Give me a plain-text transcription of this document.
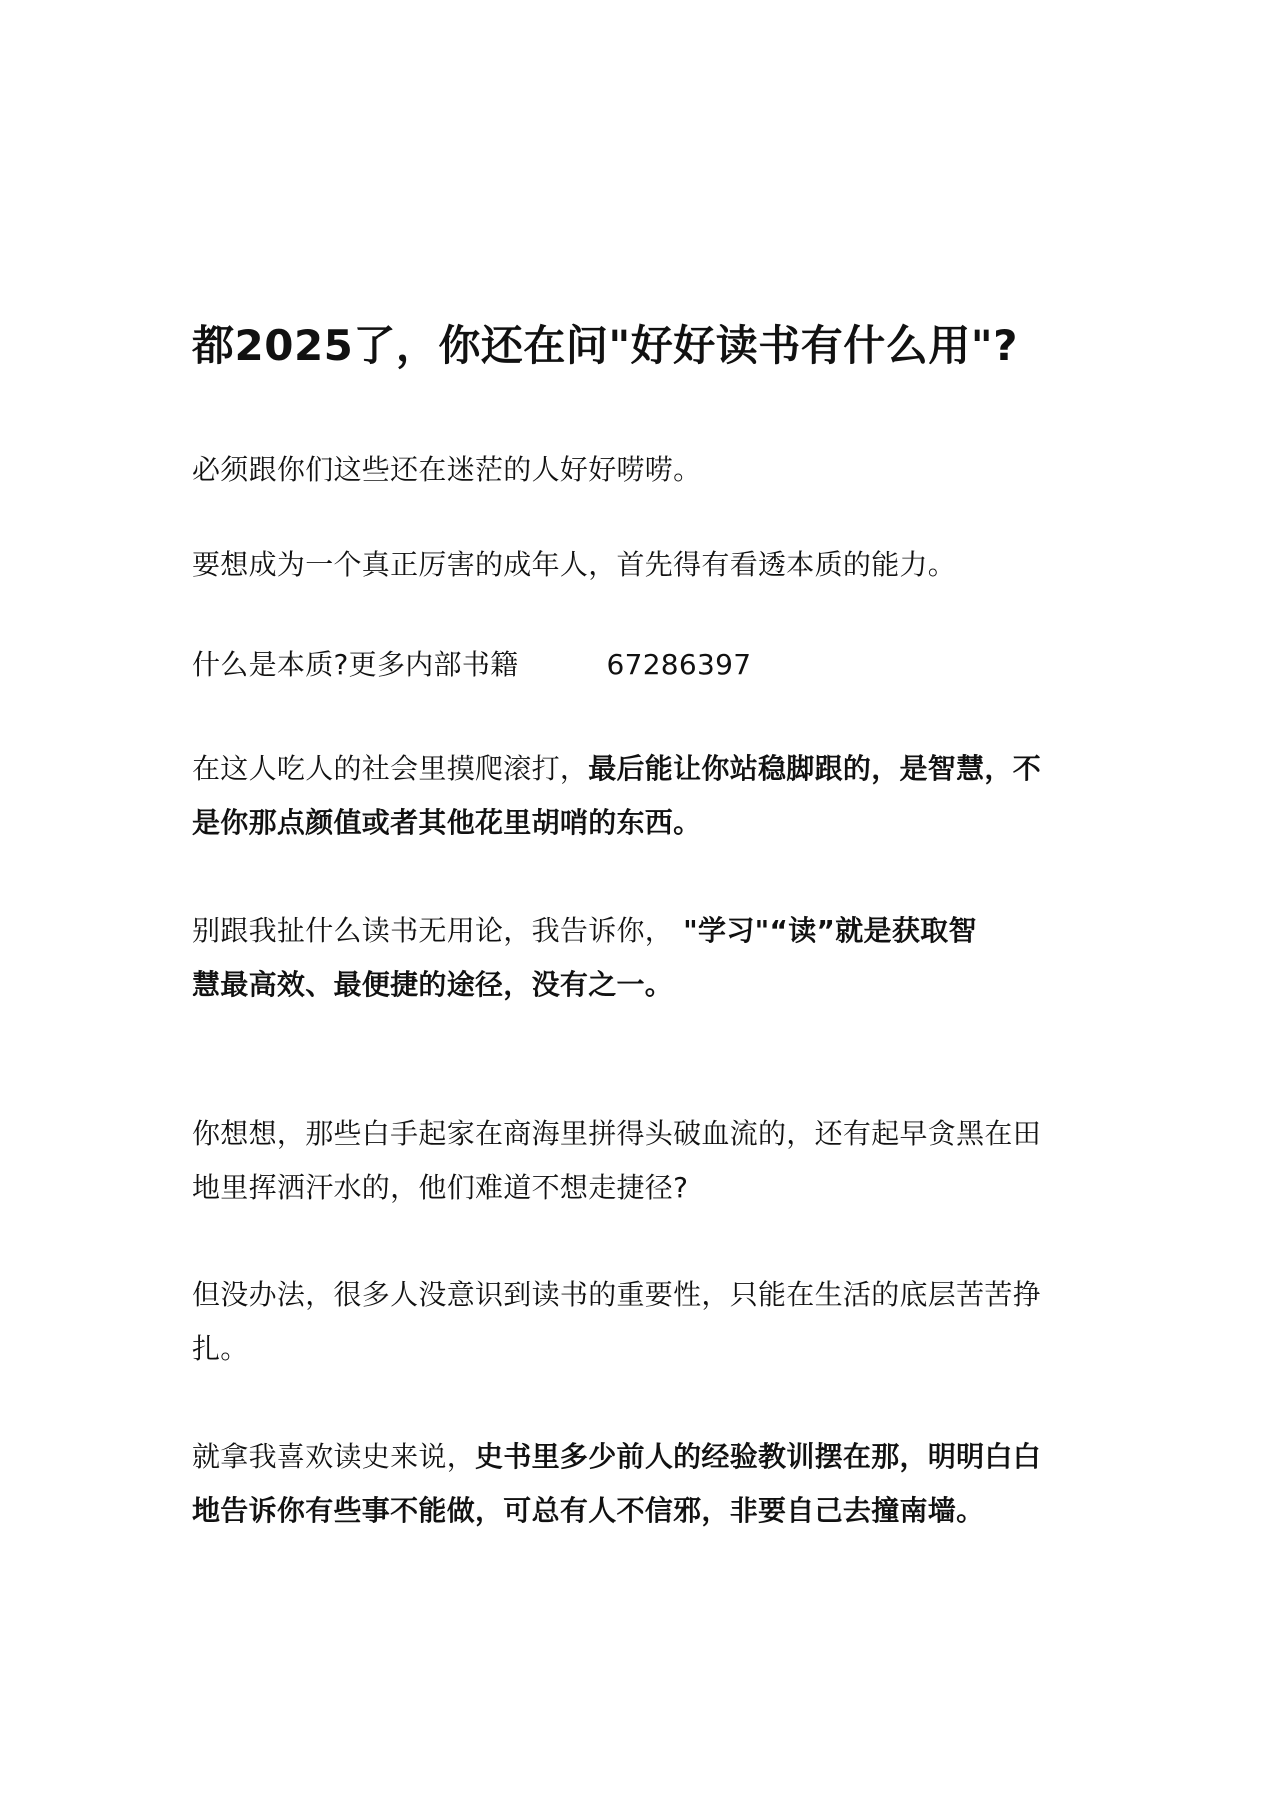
都2025了，你还在问"好好读书有什么用"?

必须跟你们这些还在迷茫的人好好唠唠。

要想成为一个真正厉害的成年人，首先得有看透本质的能力。

什么是本质?更多内部书籍	67286397

在这人吃人的社会里摸爬滚打，最后能让你站稳脚跟的，是智慧，不
是你那点颜值或者其他花里胡哨的东西。

别跟我扯什么读书无用论，我告诉你， "学习"“读”就是获取智
慧最高效、最便捷的途径，没有之一。

你想想，那些白手起家在商海里拼得头破血流的，还有起早贪黑在田
地里挥洒汗水的，他们难道不想走捷径?

但没办法，很多人没意识到读书的重要性，只能在生活的底层苦苦挣
扎。

就拿我喜欢读史来说，史书里多少前人的经验教训摆在那，明明白白
地告诉你有些事不能做，可总有人不信邪，非要自己去撞南墙。
